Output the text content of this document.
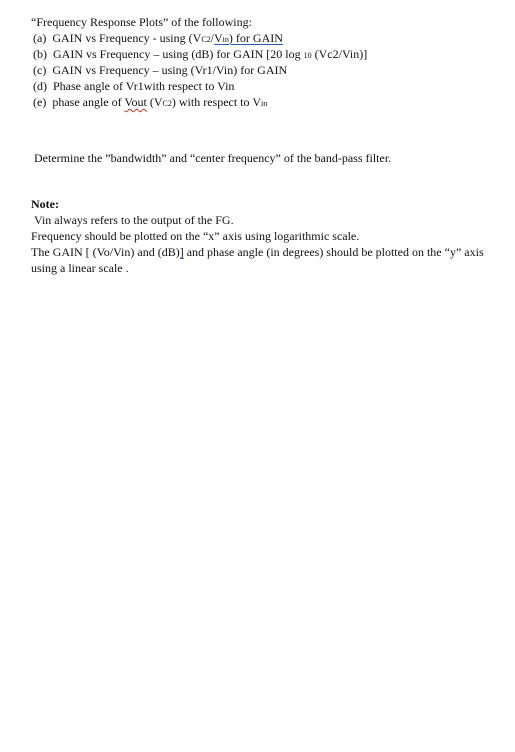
“Frequency Response Plots” of the following:
(a) GAIN vs Frequency - using (VC2/Vin) for GAIN
(b) GAIN vs Frequency – using (dB) for GAIN [20 log 10 (Vc2/Vin)]
(c) GAIN vs Frequency – using (Vr1/Vin) for GAIN
(d) Phase angle of Vr1with respect to Vin
(e) phase angle of Vout (VC2) with respect to Vin
Determine the ”bandwidth” and “center frequency” of the band-pass filter.
Note:
Vin always refers to the output of the FG.
Frequency should be plotted on the “x” axis using logarithmic scale.
The GAIN [ (Vo/Vin) and (dB)] and phase angle (in degrees) should be plotted on the “y” axis
using a linear scale .
